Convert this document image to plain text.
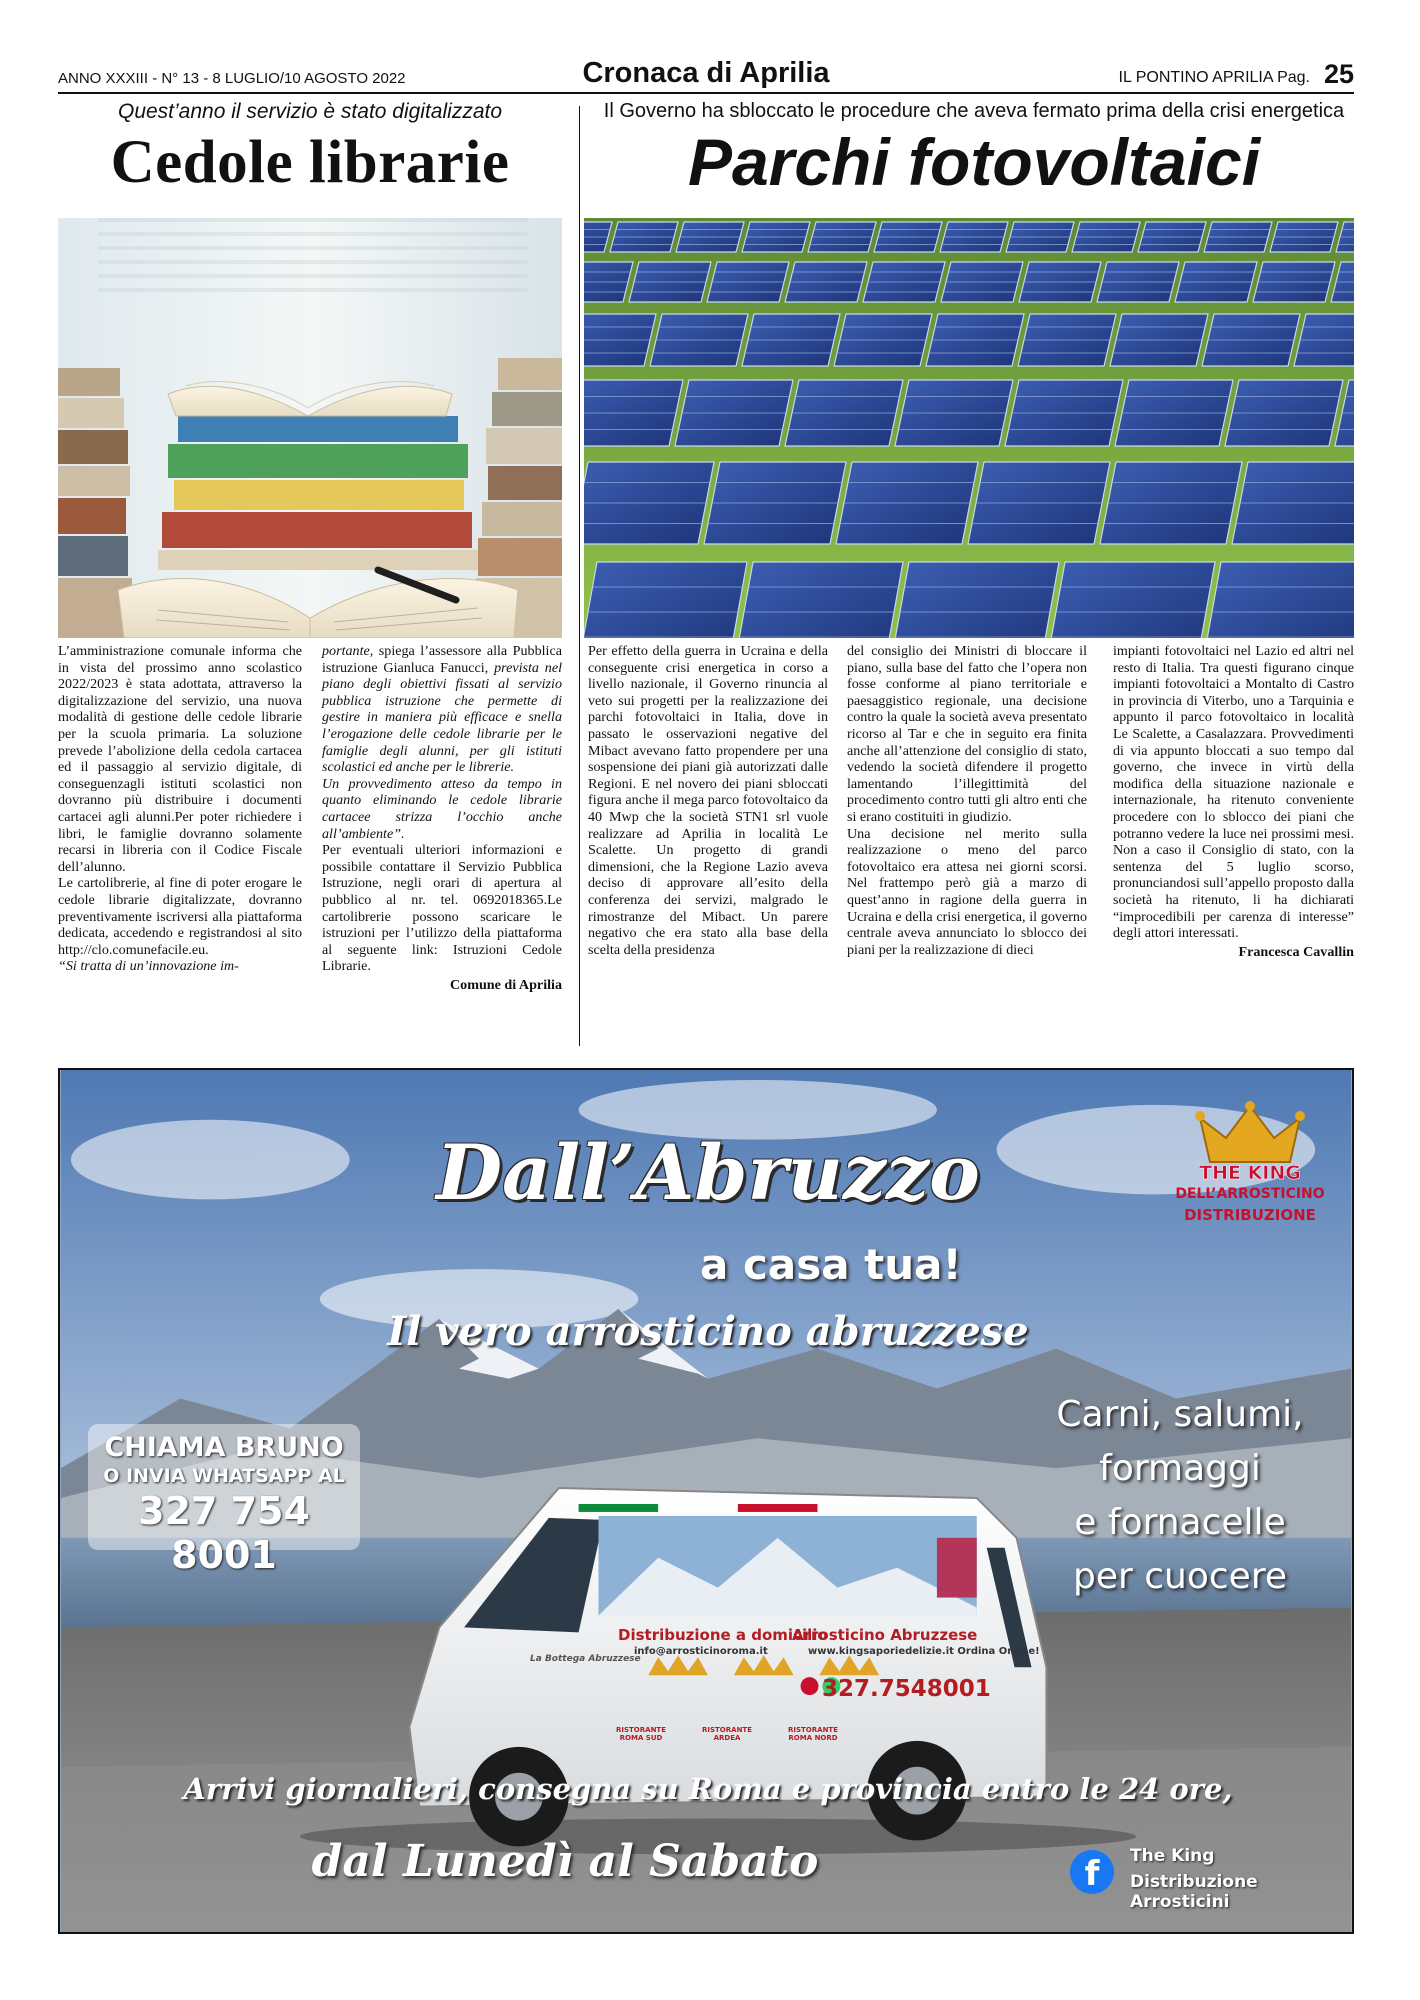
ANNO XXXIII - N° 13 - 8 LUGLIO/10 AGOSTO 2022	Cronaca di Aprilia	IL PONTINO APRILIA Pag. 25
Quest’anno il servizio è stato digitalizzato
Cedole librarie
Il Governo ha sbloccato le procedure che aveva fermato prima della crisi energetica
Parchi fotovoltaici

L’amministrazione comunale informa che in vista del prossimo anno scolastico 2022/2023 è stata adottata, attraverso la digitalizzazione del servizio, una nuova modalità di gestione delle cedole librarie per la scuola primaria. La soluzione prevede l’abolizione della cedola cartacea ed il passaggio al servizio digitale, di conseguenzagli istituti scolastici non dovranno più distribuire i documenti cartacei agli alunni.Per poter richiedere i libri, le famiglie dovranno solamente recarsi in libreria con il Codice Fiscale dell’alunno.

Le cartolibrerie, al fine di poter erogare le cedole librarie digitalizzate, dovranno preventivamente iscriversi alla piattaforma dedicata, accedendo e registrandosi al sito http://clo.comunefacile.eu.

“Si tratta di un’innovazione im-

portante, spiega l’assessore alla Pubblica istruzione Gianluca Fanucci, prevista nel piano degli obiettivi fissati al servizio pubblica istruzione che permette di gestire in maniera più efficace e snella l’erogazione delle cedole librarie per le famiglie degli alunni, per gli istituti scolastici ed anche per le librerie.

Un provvedimento atteso da tempo in quanto eliminando le cedole librarie cartacee strizza l’occhio anche all’ambiente”.

Per eventuali ulteriori informazioni e possibile contattare il Servizio Pubblica Istruzione, negli orari di apertura al pubblico al nr. tel. 0692018365.Le cartolibrerie possono scaricare le istruzioni per l’utilizzo della piattaforma al seguente link: Istruzioni Cedole Librarie.

Comune di Aprilia

Per effetto della guerra in Ucraina e della conseguente crisi energetica in corso a livello nazionale, il Governo rinuncia al veto sui progetti per la realizzazione dei parchi fotovoltaici in Italia, dove in passato le osservazioni negative del Mibact avevano fatto propendere per una sospensione dei piani già autorizzati dalle Regioni. E nel novero dei piani sbloccati figura anche il mega parco fotovoltaico da 40 Mwp che la società STN1 srl vuole realizzare ad Aprilia in località Le Scalette. Un progetto di grandi dimensioni, che la Regione Lazio aveva deciso di approvare all’esito della conferenza dei servizi, malgrado le rimostranze del Mibact. Un parere negativo che era stato alla base della scelta della presidenza

del consiglio dei Ministri di bloccare il piano, sulla base del fatto che l’opera non fosse conforme al piano territoriale e paesaggistico regionale, una decisione contro la quale la società aveva presentato ricorso al Tar e che in seguito era finita anche all’attenzione del consiglio di stato, vedendo la società difendere il progetto lamentando l’illegittimità del procedimento contro tutti gli altro enti che si erano costituiti in giudizio.

Una decisione nel merito sulla realizzazione o meno del parco fotovoltaico era attesa nei giorni scorsi. Nel frattempo però già a marzo di quest’anno in ragione della guerra in Ucraina e della crisi energetica, il governo centrale aveva annunciato lo sblocco dei piani per la realizzazione di dieci

impianti fotovoltaici nel Lazio ed altri nel resto di Italia. Tra questi figurano cinque impianti fotovoltaici a Montalto di Castro in provincia di Viterbo, uno a Tarquinia e appunto il parco fotovoltaico in località Le Scalette, a Casalazzara. Provvedimenti di via appunto bloccati a suo tempo dal governo, che invece in virtù della modifica della situazione nazionale e internazionale, ha ritenuto conveniente procedere con lo sblocco dei piani che potranno vedere la luce nei prossimi mesi. Non a caso il Consiglio di stato, con la sentenza del 5 luglio scorso, pronunciandosi sull’appello proposto dalla società ha ritenuto, li ha dichiarati “improcedibili per carenza di interesse” degli attori interessati.

Francesca Cavallin

Dall’Abruzzo
a casa tua!
Il vero arrosticino abruzzese
THE KING
DELL’ARROSTICINO
DISTRIBUZIONE
CHIAMA BRUNO
O INVIA WHATSAPP AL
327 754 8001
Carni, salumi,
formaggi
e fornacelle
per cuocere
Distribuzione a domicilio
info@arrosticinoroma.it
Arrosticino Abruzzese
www.kingsaporiedelizie.it Ordina Online!
327.7548001
La Bottega Abruzzese
RISTORANTE ROMA SUD
RISTORANTE ARDEA
RISTORANTE ROMA NORD
Arrivi giornalieri, consegna su Roma e provincia entro le 24 ore,
dal Lunedì al Sabato	f	The King
Distribuzione Arrosticini
